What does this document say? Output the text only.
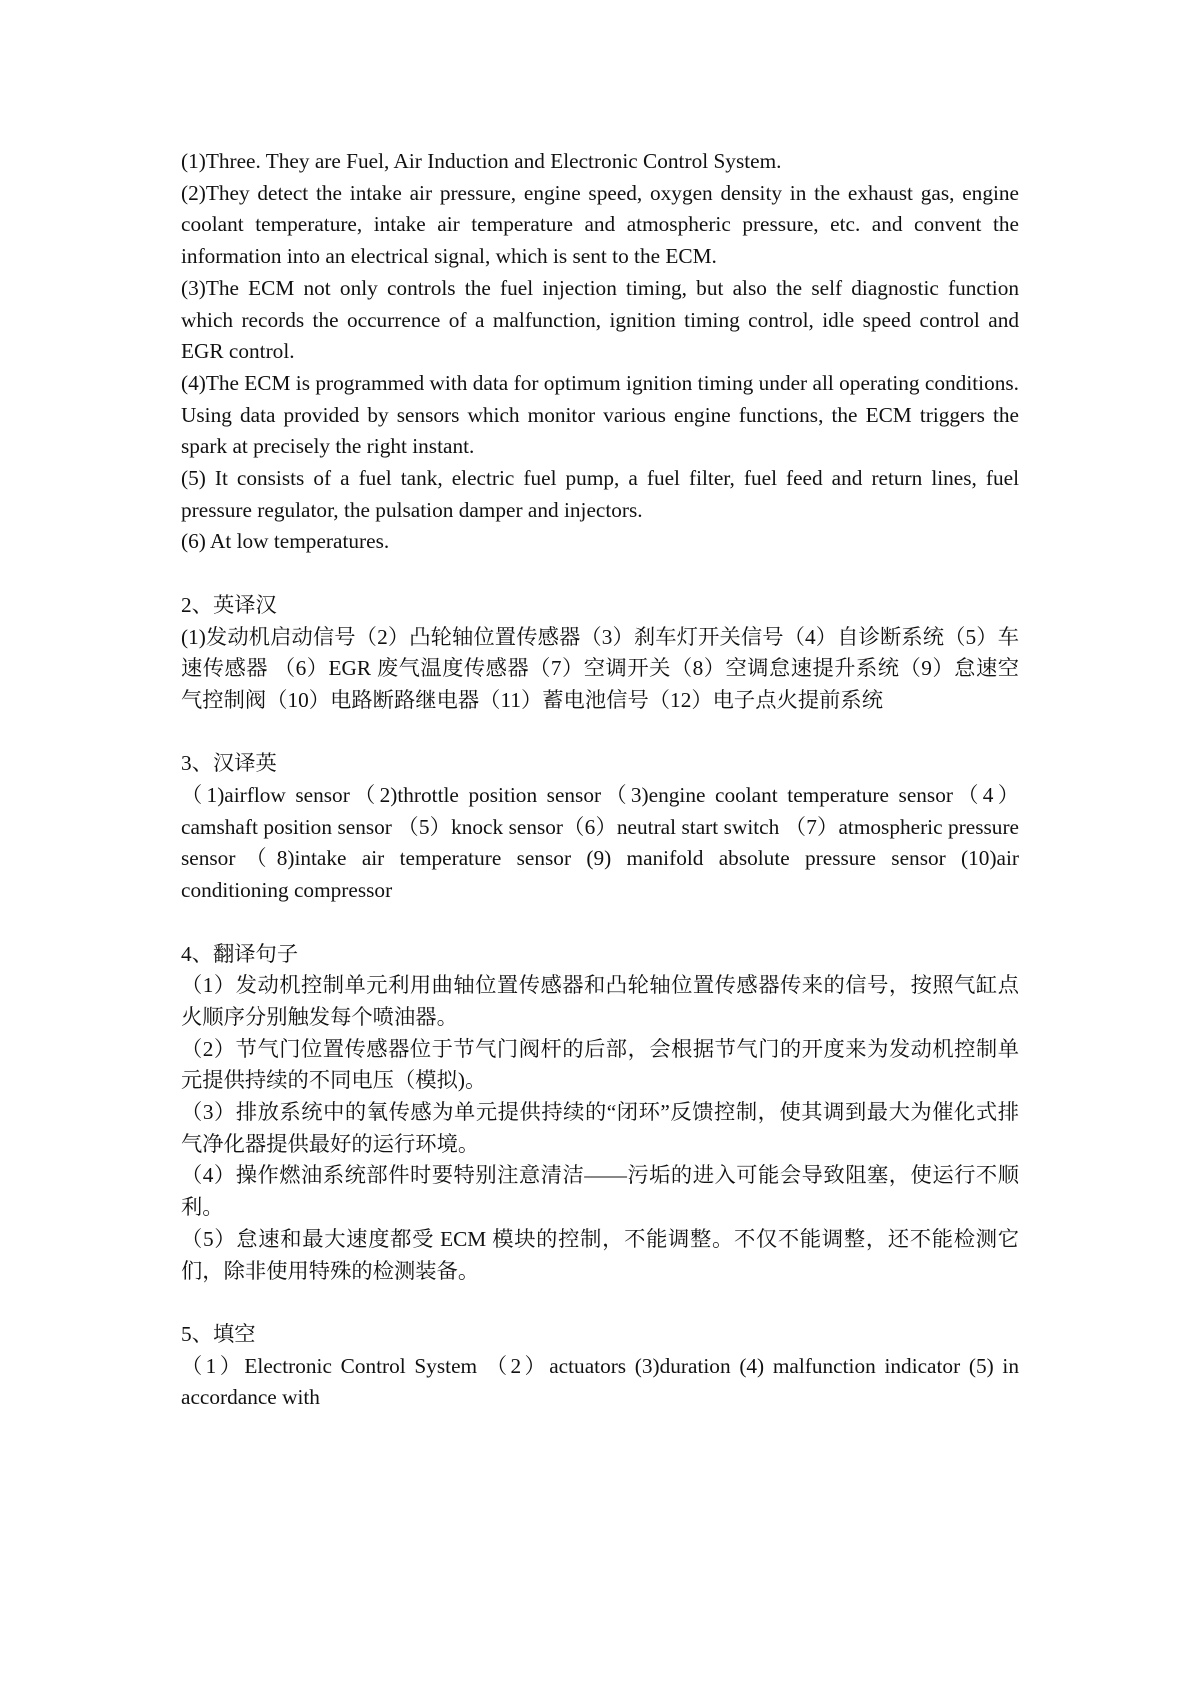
(1)Three. They are Fuel, Air Induction and Electronic Control System.

(2)They detect the intake air pressure, engine speed, oxygen density in the exhaust gas, engine coolant temperature, intake air temperature and atmospheric pressure, etc. and convent the information into an electrical signal, which is sent to the ECM.

(3)The ECM not only controls the fuel injection timing, but also the self diagnostic function which records the occurrence of a malfunction, ignition timing control, idle speed control and EGR control.

(4)The ECM is programmed with data for optimum ignition timing under all operating conditions. Using data provided by sensors which monitor various engine functions, the ECM triggers the spark at precisely the right instant.

(5) It consists of a fuel tank, electric fuel pump, a fuel filter, fuel feed and return lines, fuel pressure regulator, the pulsation damper and injectors.

(6) At low temperatures.

2、英译汉

(1)发动机启动信号（2）凸轮轴位置传感器（3）刹车灯开关信号（4）自诊断系统（5）车速传感器 （6）EGR 废气温度传感器（7）空调开关（8）空调怠速提升系统（9）怠速空气控制阀（10）电路断路继电器（11）蓄电池信号（12）电子点火提前系统

3、汉译英

（1)airflow sensor（2)throttle position sensor（3)engine coolant temperature sensor（4）camshaft position sensor （5）knock sensor（6）neutral start switch （7）atmospheric pressure sensor（8)intake air temperature sensor (9) manifold absolute pressure sensor (10)air conditioning compressor

4、翻译句子

（1）发动机控制单元利用曲轴位置传感器和凸轮轴位置传感器传来的信号，按照气缸点火顺序分别触发每个喷油器。

（2）节气门位置传感器位于节气门阀杆的后部，会根据节气门的开度来为发动机控制单元提供持续的不同电压（模拟)。

（3）排放系统中的氧传感为单元提供持续的“闭环”反馈控制，使其调到最大为催化式排气净化器提供最好的运行环境。

（4）操作燃油系统部件时要特别注意清洁——污垢的进入可能会导致阻塞，使运行不顺利。

（5）怠速和最大速度都受 ECM 模块的控制，不能调整。不仅不能调整，还不能检测它们，除非使用特殊的检测装备。

5、填空

（1）Electronic Control System （2）actuators (3)duration (4) malfunction indicator (5) in accordance with
